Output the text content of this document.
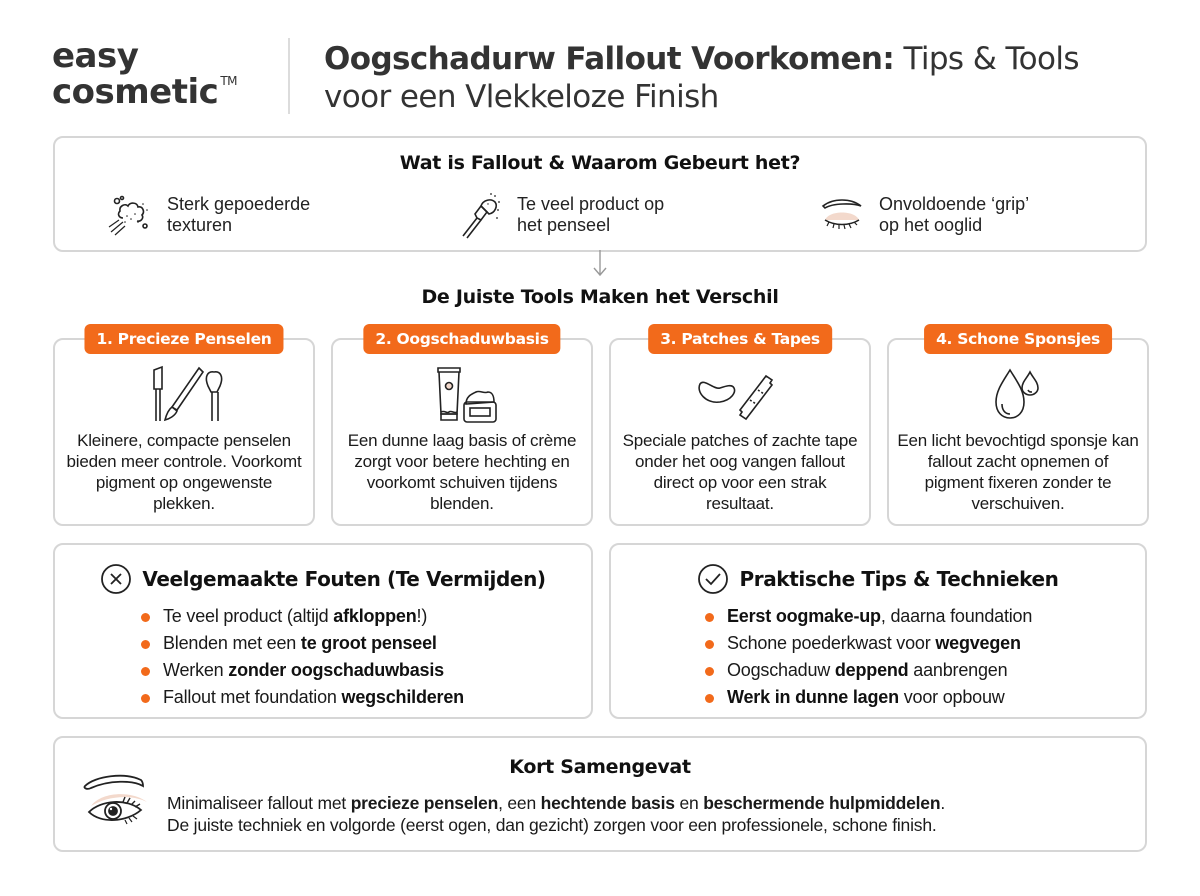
easy
cosmetic ™
Oogschadurw Fallout Voorkomen: Tips & Tools
voor een Vlekkeloze Finish
Wat is Fallout & Waarom Gebeurt het?
Sterk gepoederde
texturen
Te veel product op
het penseel
Onvoldoende ‘grip’
op het ooglid
De Juiste Tools Maken het Verschil
1. Precieze Penselen
Kleinere, compacte penselen bieden meer controle. Voorkomt pigment op ongewenste plekken.
2. Oogschaduwbasis
Een dunne laag basis of crème zorgt voor betere hechting en voorkomt schuiven tijdens blenden.
3. Patches & Tapes
Speciale patches of zachte tape onder het oog vangen fallout direct op voor een strak resultaat.
4. Schone Sponsjes
Een licht bevochtigd sponsje kan fallout zacht opnemen of pigment fixeren zonder te verschuiven.
Veelgemaakte Fouten (Te Vermijden)
Te veel product (altijd afkloppen!)
Blenden met een te groot penseel
Werken zonder oogschaduwbasis
Fallout met foundation wegschilderen
Praktische Tips & Technieken
Eerst oogmake-up, daarna foundation
Schone poederkwast voor wegvegen
Oogschaduw deppend aanbrengen
Werk in dunne lagen voor opbouw
Kort Samengevat

Minimaliseer fallout met precieze penselen, een hechtende basis en beschermende hulpmiddelen.
De juiste techniek en volgorde (eerst ogen, dan gezicht) zorgen voor een professionele, schone finish.
